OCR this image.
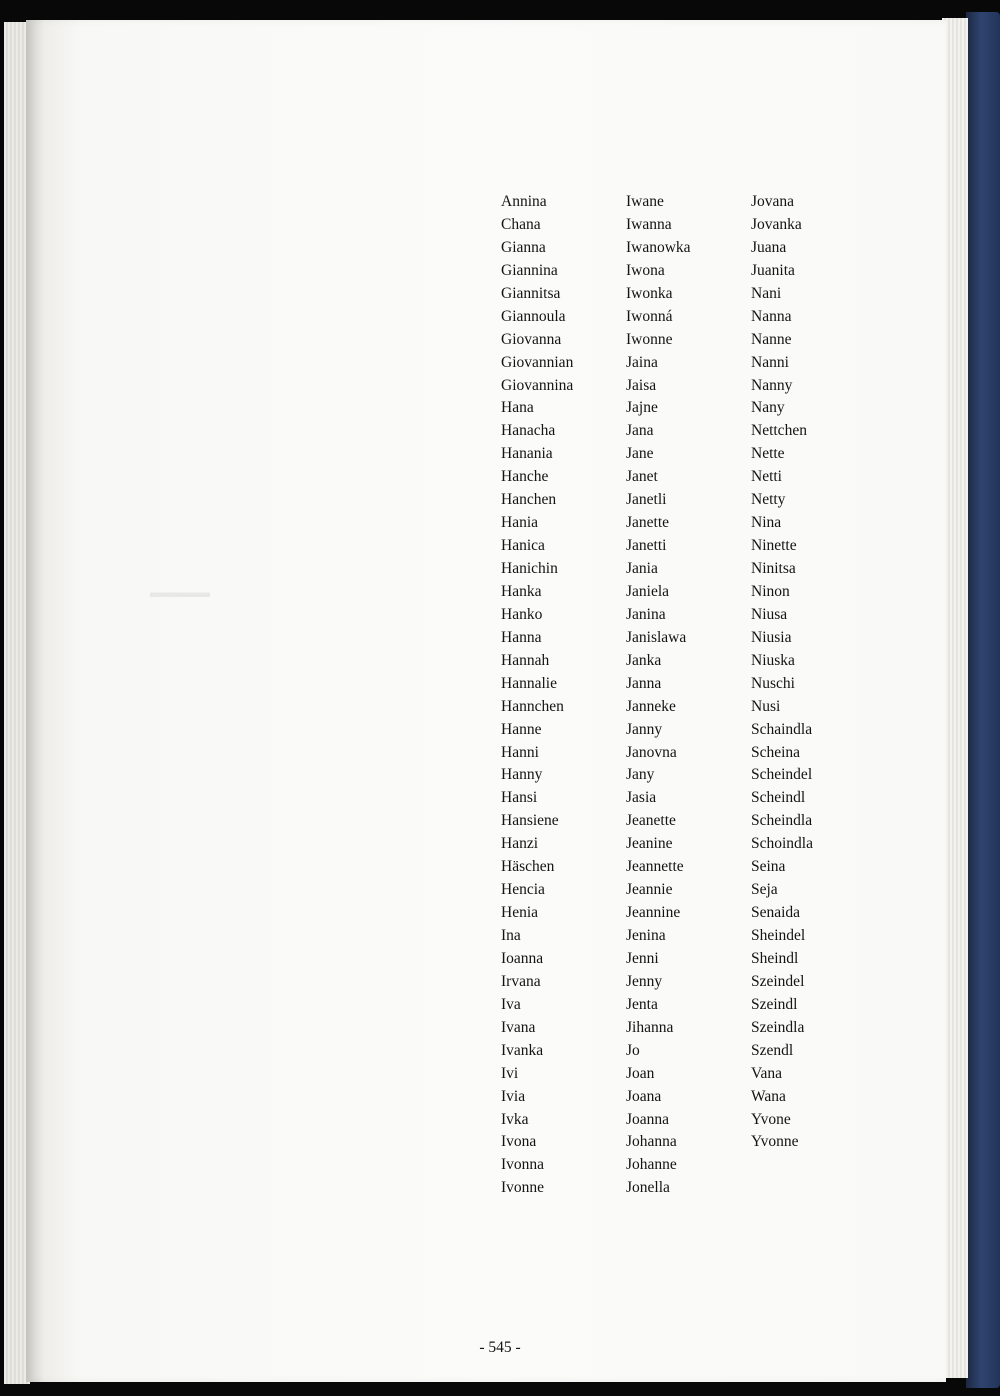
▬▬▬▬
Annina
Chana
Gianna
Giannina
Giannitsa
Giannoula
Giovanna
Giovannian
Giovannina
Hana
Hanacha
Hanania
Hanche
Hanchen
Hania
Hanica
Hanichin
Hanka
Hanko
Hanna
Hannah
Hannalie
Hannchen
Hanne
Hanni
Hanny
Hansi
Hansiene
Hanzi
Häschen
Hencia
Henia
Ina
Ioanna
Irvana
Iva
Ivana
Ivanka
Ivi
Ivia
Ivka
Ivona
Ivonna
Ivonne
Iwane
Iwanna
Iwanowka
Iwona
Iwonka
Iwonná
Iwonne
Jaina
Jaisa
Jajne
Jana
Jane
Janet
Janetli
Janette
Janetti
Jania
Janiela
Janina
Janislawa
Janka
Janna
Janneke
Janny
Janovna
Jany
Jasia
Jeanette
Jeanine
Jeannette
Jeannie
Jeannine
Jenina
Jenni
Jenny
Jenta
Jihanna
Jo
Joan
Joana
Joanna
Johanna
Johanne
Jonella
Jovana
Jovanka
Juana
Juanita
Nani
Nanna
Nanne
Nanni
Nanny
Nany
Nettchen
Nette
Netti
Netty
Nina
Ninette
Ninitsa
Ninon
Niusa
Niusia
Niuska
Nuschi
Nusi
Schaindla
Scheina
Scheindel
Scheindl
Scheindla
Schoindla
Seina
Seja
Senaida
Sheindel
Sheindl
Szeindel
Szeindl
Szeindla
Szendl
Vana
Wana
Yvone
Yvonne
- 545 -
